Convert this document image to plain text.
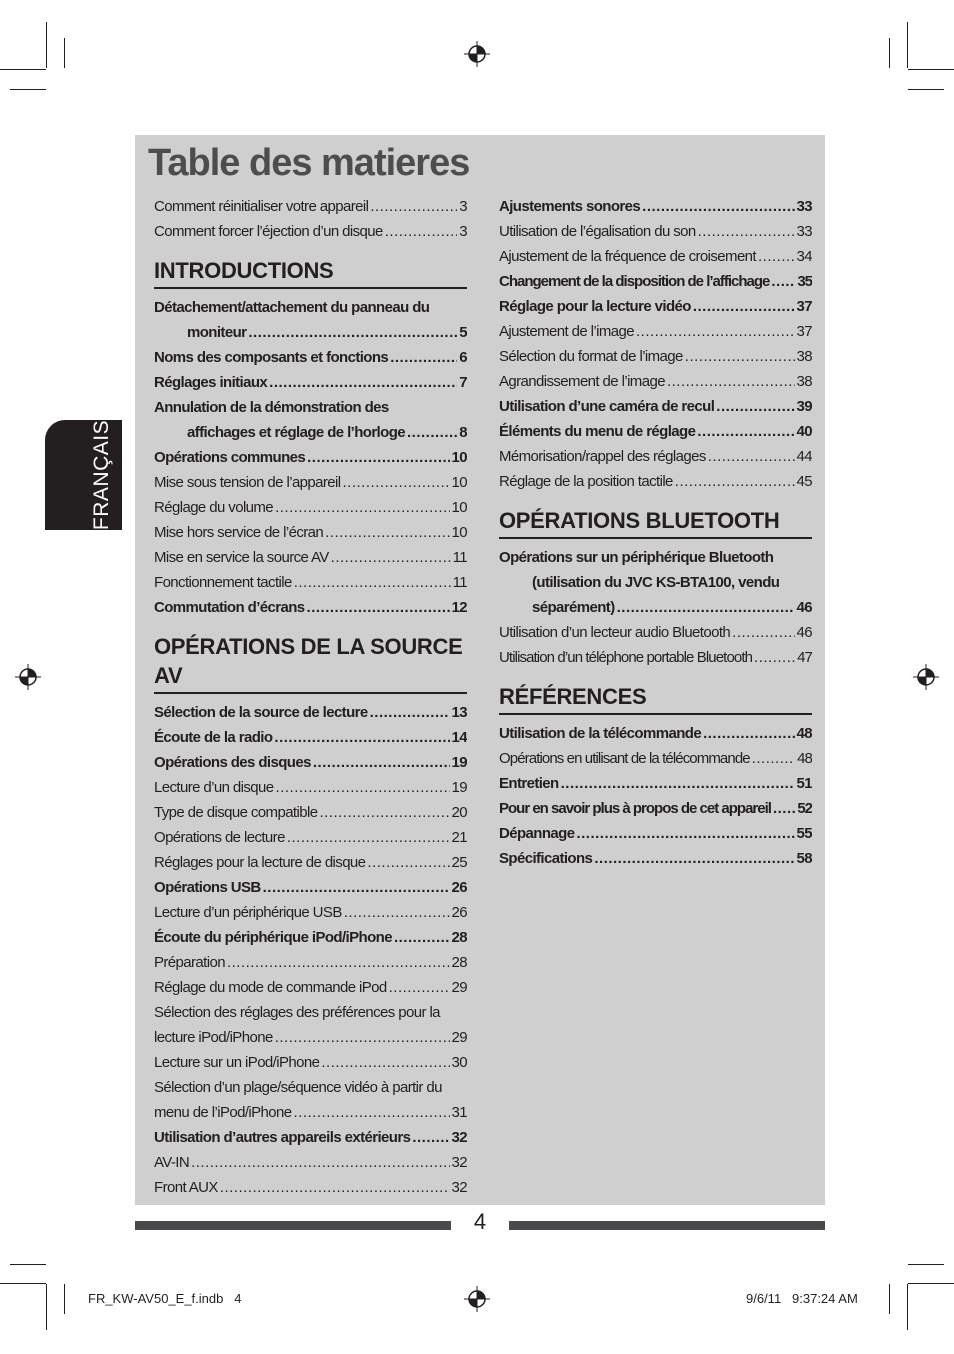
FRANÇAIS
Table des matieres
Comment réinitialiser votre appareil .....	3
Comment forcer l’éjection d’un disque .....	3
INTRODUCTIONS
Détachement/attachement du panneau du
moniteur .....	5
Noms des composants et fonctions .....	6
Réglages initiaux .....	7
Annulation de la démonstration des
affichages et réglage de l’horloge .....	8
Opérations communes .....	10
Mise sous tension de l’appareil .....	10
Réglage du volume .....	10
Mise hors service de l’écran .....	10
Mise en service la source AV .....	11
Fonctionnement tactile .....	11
Commutation d’écrans .....	12
OPÉRATIONS DE LA SOURCE
AV
Sélection de la source de lecture .....	13
Écoute de la radio .....	14
Opérations des disques .....	19
Lecture d’un disque .....	19
Type de disque compatible .....	20
Opérations de lecture .....	21
Réglages pour la lecture de disque .....	25
Opérations USB .....	26
Lecture d’un périphérique USB .....	26
Écoute du périphérique iPod/iPhone .....	28
Préparation .....	28
Réglage du mode de commande iPod .....	29
Sélection des réglages des préférences pour la
lecture iPod/iPhone .....	29
Lecture sur un iPod/iPhone .....	30
Sélection d’un plage/séquence vidéo à partir du
menu de l’iPod/iPhone .....	31
Utilisation d’autres appareils extérieurs .....	32
AV-IN .....	32
Front AUX .....	32
Ajustements sonores .....	33
Utilisation de l’égalisation du son .....	33
Ajustement de la fréquence de croisement .....	34
Changement de la disposition de l’affichage ..... 35
Réglage pour la lecture vidéo .....	37
Ajustement de l’image .....	37
Sélection du format de l’image .....	38
Agrandissement de l’image .....	38
Utilisation d’une caméra de recul .....	39
Éléments du menu de réglage .....	40
Mémorisation/rappel des réglages .....	44
Réglage de la position tactile .....	45
OPÉRATIONS BLUETOOTH
Opérations sur un périphérique Bluetooth
(utilisation du JVC KS-BTA100, vendu
séparément) .....	46
Utilisation d’un lecteur audio Bluetooth .....	46
Utilisation d’un téléphone portable Bluetooth .....	47
RÉFÉRENCES
Utilisation de la télécommande .....	48
Opérations en utilisant de la télécommande .....	48
Entretien .....	51
Pour en savoir plus à propos de cet appareil ..... 52
Dépannage .....	55
Spécifications .....	58
4
FR_KW-AV50_E_f.indb   4	9/6/11   9:37:24 AM
